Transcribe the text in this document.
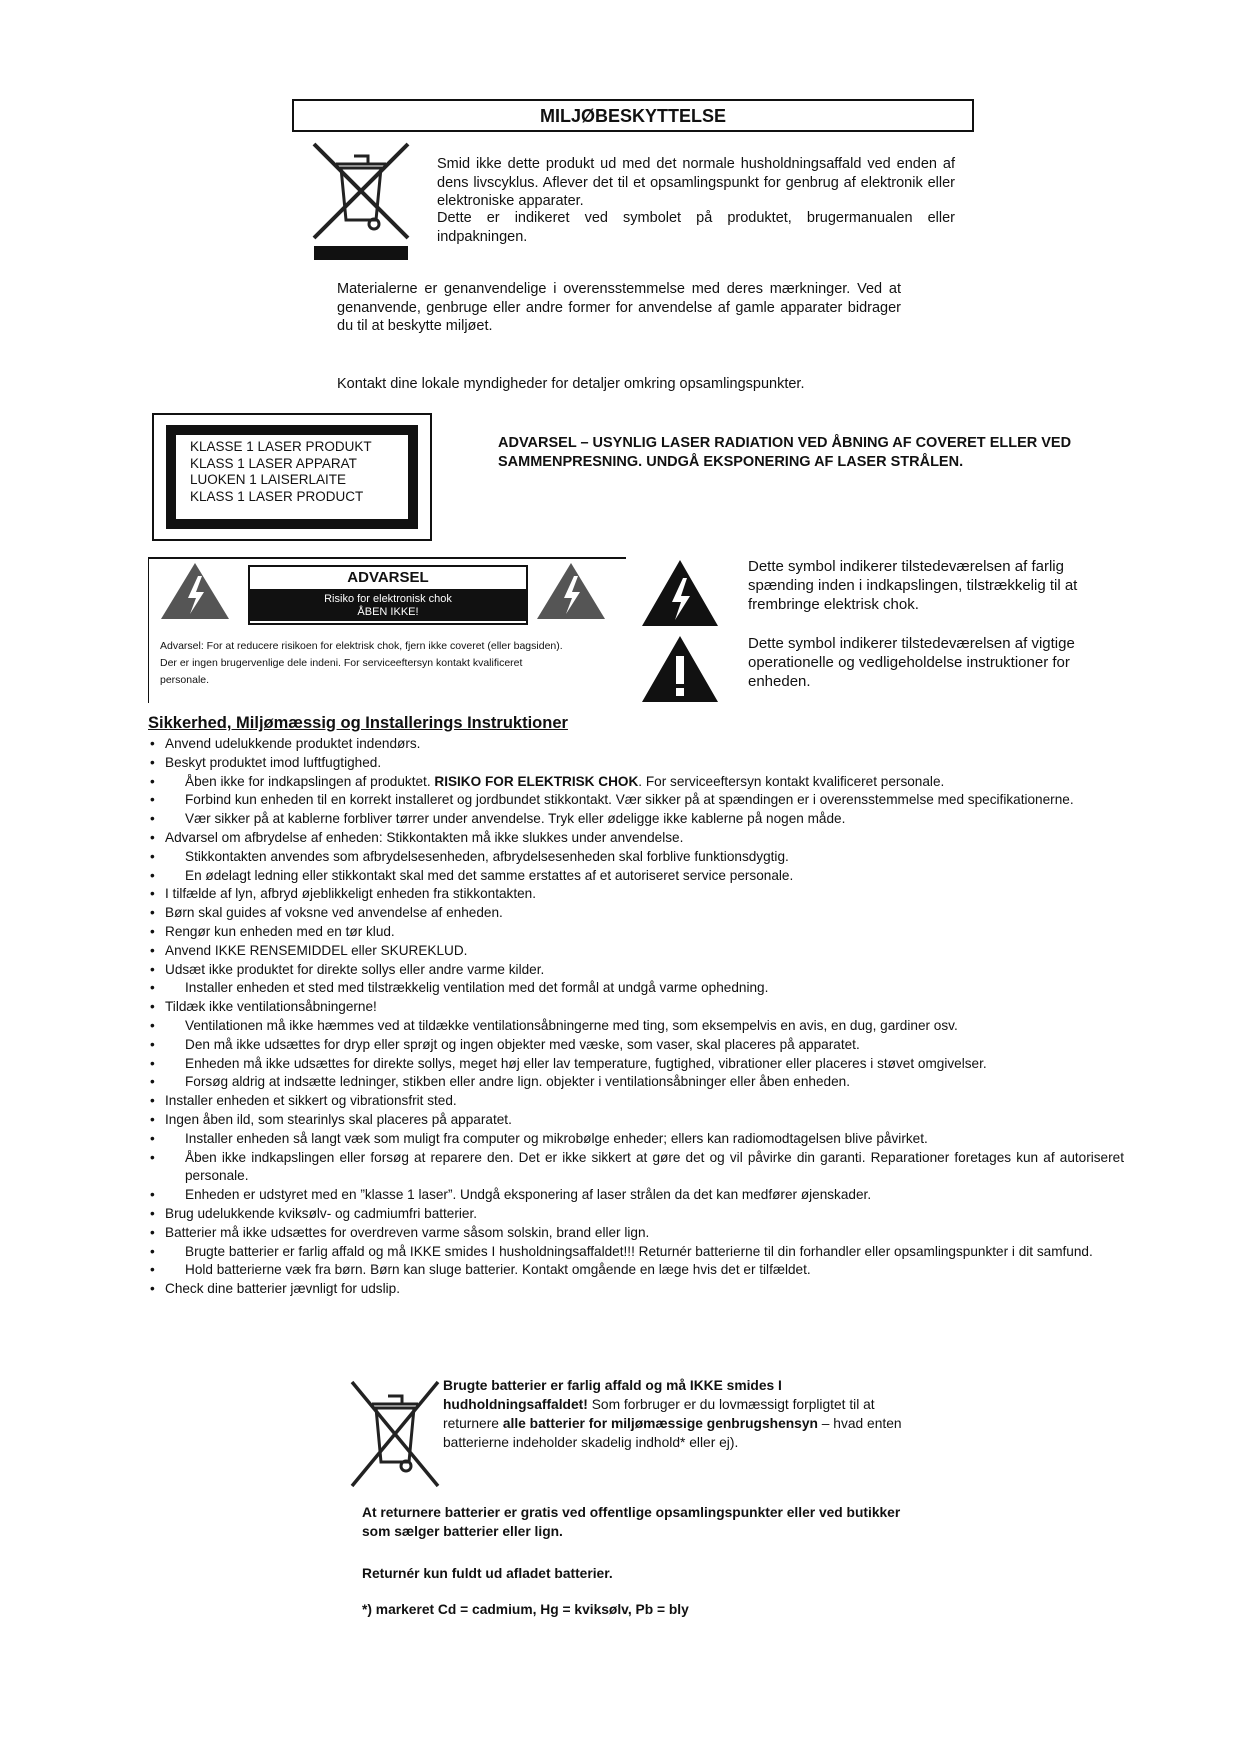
MILJØBESKYTTELSE
Smid ikke dette produkt ud med det normale husholdningsaffald ved enden af dens livscyklus. Aflever det til et opsamlingspunkt for genbrug af elektronik eller elektroniske apparater.
Dette er indikeret ved symbolet på produktet, brugermanualen eller indpakningen.
Materialerne er genanvendelige i overensstemmelse med deres mærkninger. Ved at genanvende, genbruge eller andre former for anvendelse af gamle apparater bidrager du til at beskytte miljøet.
Kontakt dine lokale myndigheder for detaljer omkring opsamlingspunkter.
KLASSE 1 LASER PRODUKT
KLASS 1 LASER APPARAT
LUOKEN 1 LAISERLAITE
KLASS 1 LASER PRODUCT
ADVARSEL – USYNLIG LASER RADIATION VED ÅBNING AF COVERET ELLER VED SAMMENPRESNING. UNDGÅ EKSPONERING AF LASER STRÅLEN.
ADVARSEL
Risiko for elektronisk chok
ÅBEN IKKE!
Advarsel: For at reducere risikoen for elektrisk chok, fjern ikke coveret (eller bagsiden).
Der er ingen brugervenlige dele indeni. For serviceeftersyn kontakt kvalificeret
personale.
Dette symbol indikerer tilstedeværelsen af farlig spænding inden i indkapslingen, tilstrækkelig til at frembringe elektrisk chok.
Dette symbol indikerer tilstedeværelsen af vigtige operationelle og vedligeholdelse instruktioner for enheden.
Sikkerhed, Miljømæssig og Installerings Instruktioner
• Anvend udelukkende produktet indendørs.
• Beskyt produktet imod luftfugtighed.
• Åben ikke for indkapslingen af produktet. RISIKO FOR ELEKTRISK CHOK. For serviceeftersyn kontakt kvalificeret personale.
• Forbind kun enheden til en korrekt installeret og jordbundet stikkontakt. Vær sikker på at spændingen er i overensstemmelse med specifikationerne.
• Vær sikker på at kablerne forbliver tørrer under anvendelse. Tryk eller ødeligge ikke kablerne på nogen måde.
• Advarsel om afbrydelse af enheden: Stikkontakten må ikke slukkes under anvendelse.
• Stikkontakten anvendes som afbrydelsesenheden, afbrydelsesenheden skal forblive funktionsdygtig.
• En ødelagt ledning eller stikkontakt skal med det samme erstattes af et autoriseret service personale.
• I tilfælde af lyn, afbryd øjeblikkeligt enheden fra stikkontakten.
• Børn skal guides af voksne ved anvendelse af enheden.
• Rengør kun enheden med en tør klud.
• Anvend IKKE RENSEMIDDEL eller SKUREKLUD.
• Udsæt ikke produktet for direkte sollys eller andre varme kilder.
• Installer enheden et sted med tilstrækkelig ventilation med det formål at undgå varme ophedning.
• Tildæk ikke ventilationsåbningerne!
• Ventilationen må ikke hæmmes ved at tildække ventilationsåbningerne med ting, som eksempelvis en avis, en dug, gardiner osv.
• Den må ikke udsættes for dryp eller sprøjt og ingen objekter med væske, som vaser, skal placeres på apparatet.
• Enheden må ikke udsættes for direkte sollys, meget høj eller lav temperature, fugtighed, vibrationer eller placeres i støvet omgivelser.
• Forsøg aldrig at indsætte ledninger, stikben eller andre lign. objekter i ventilationsåbninger eller åben enheden.
• Installer enheden et sikkert og vibrationsfrit sted.
• Ingen åben ild, som stearinlys skal placeres på apparatet.
• Installer enheden så langt væk som muligt fra computer og mikrobølge enheder; ellers kan radiomodtagelsen blive påvirket.
• Åben ikke indkapslingen eller forsøg at reparere den. Det er ikke sikkert at gøre det og vil påvirke din garanti. Reparationer foretages kun af autoriseret personale.
• Enheden er udstyret med en ”klasse 1 laser”. Undgå eksponering af laser strålen da det kan medfører øjenskader.
• Brug udelukkende kviksølv- og cadmiumfri batterier.
• Batterier må ikke udsættes for overdreven varme såsom solskin, brand eller lign.
• Brugte batterier er farlig affald og må IKKE smides I husholdningsaffaldet!!! Returnér batterierne til din forhandler eller opsamlingspunkter i dit samfund.
• Hold batterierne væk fra børn. Børn kan sluge batterier. Kontakt omgående en læge hvis det er tilfældet.
• Check dine batterier jævnligt for udslip.
Brugte batterier er farlig affald og må IKKE smides I hudholdningsaffaldet! Som forbruger er du lovmæssigt forpligtet til at returnere alle batterier for miljømæssige genbrugshensyn – hvad enten batterierne indeholder skadelig indhold* eller ej).
At returnere batterier er gratis ved offentlige opsamlingspunkter eller ved butikker som sælger batterier eller lign.
Returnér kun fuldt ud afladet batterier.
*) markeret Cd = cadmium, Hg = kviksølv, Pb = bly
